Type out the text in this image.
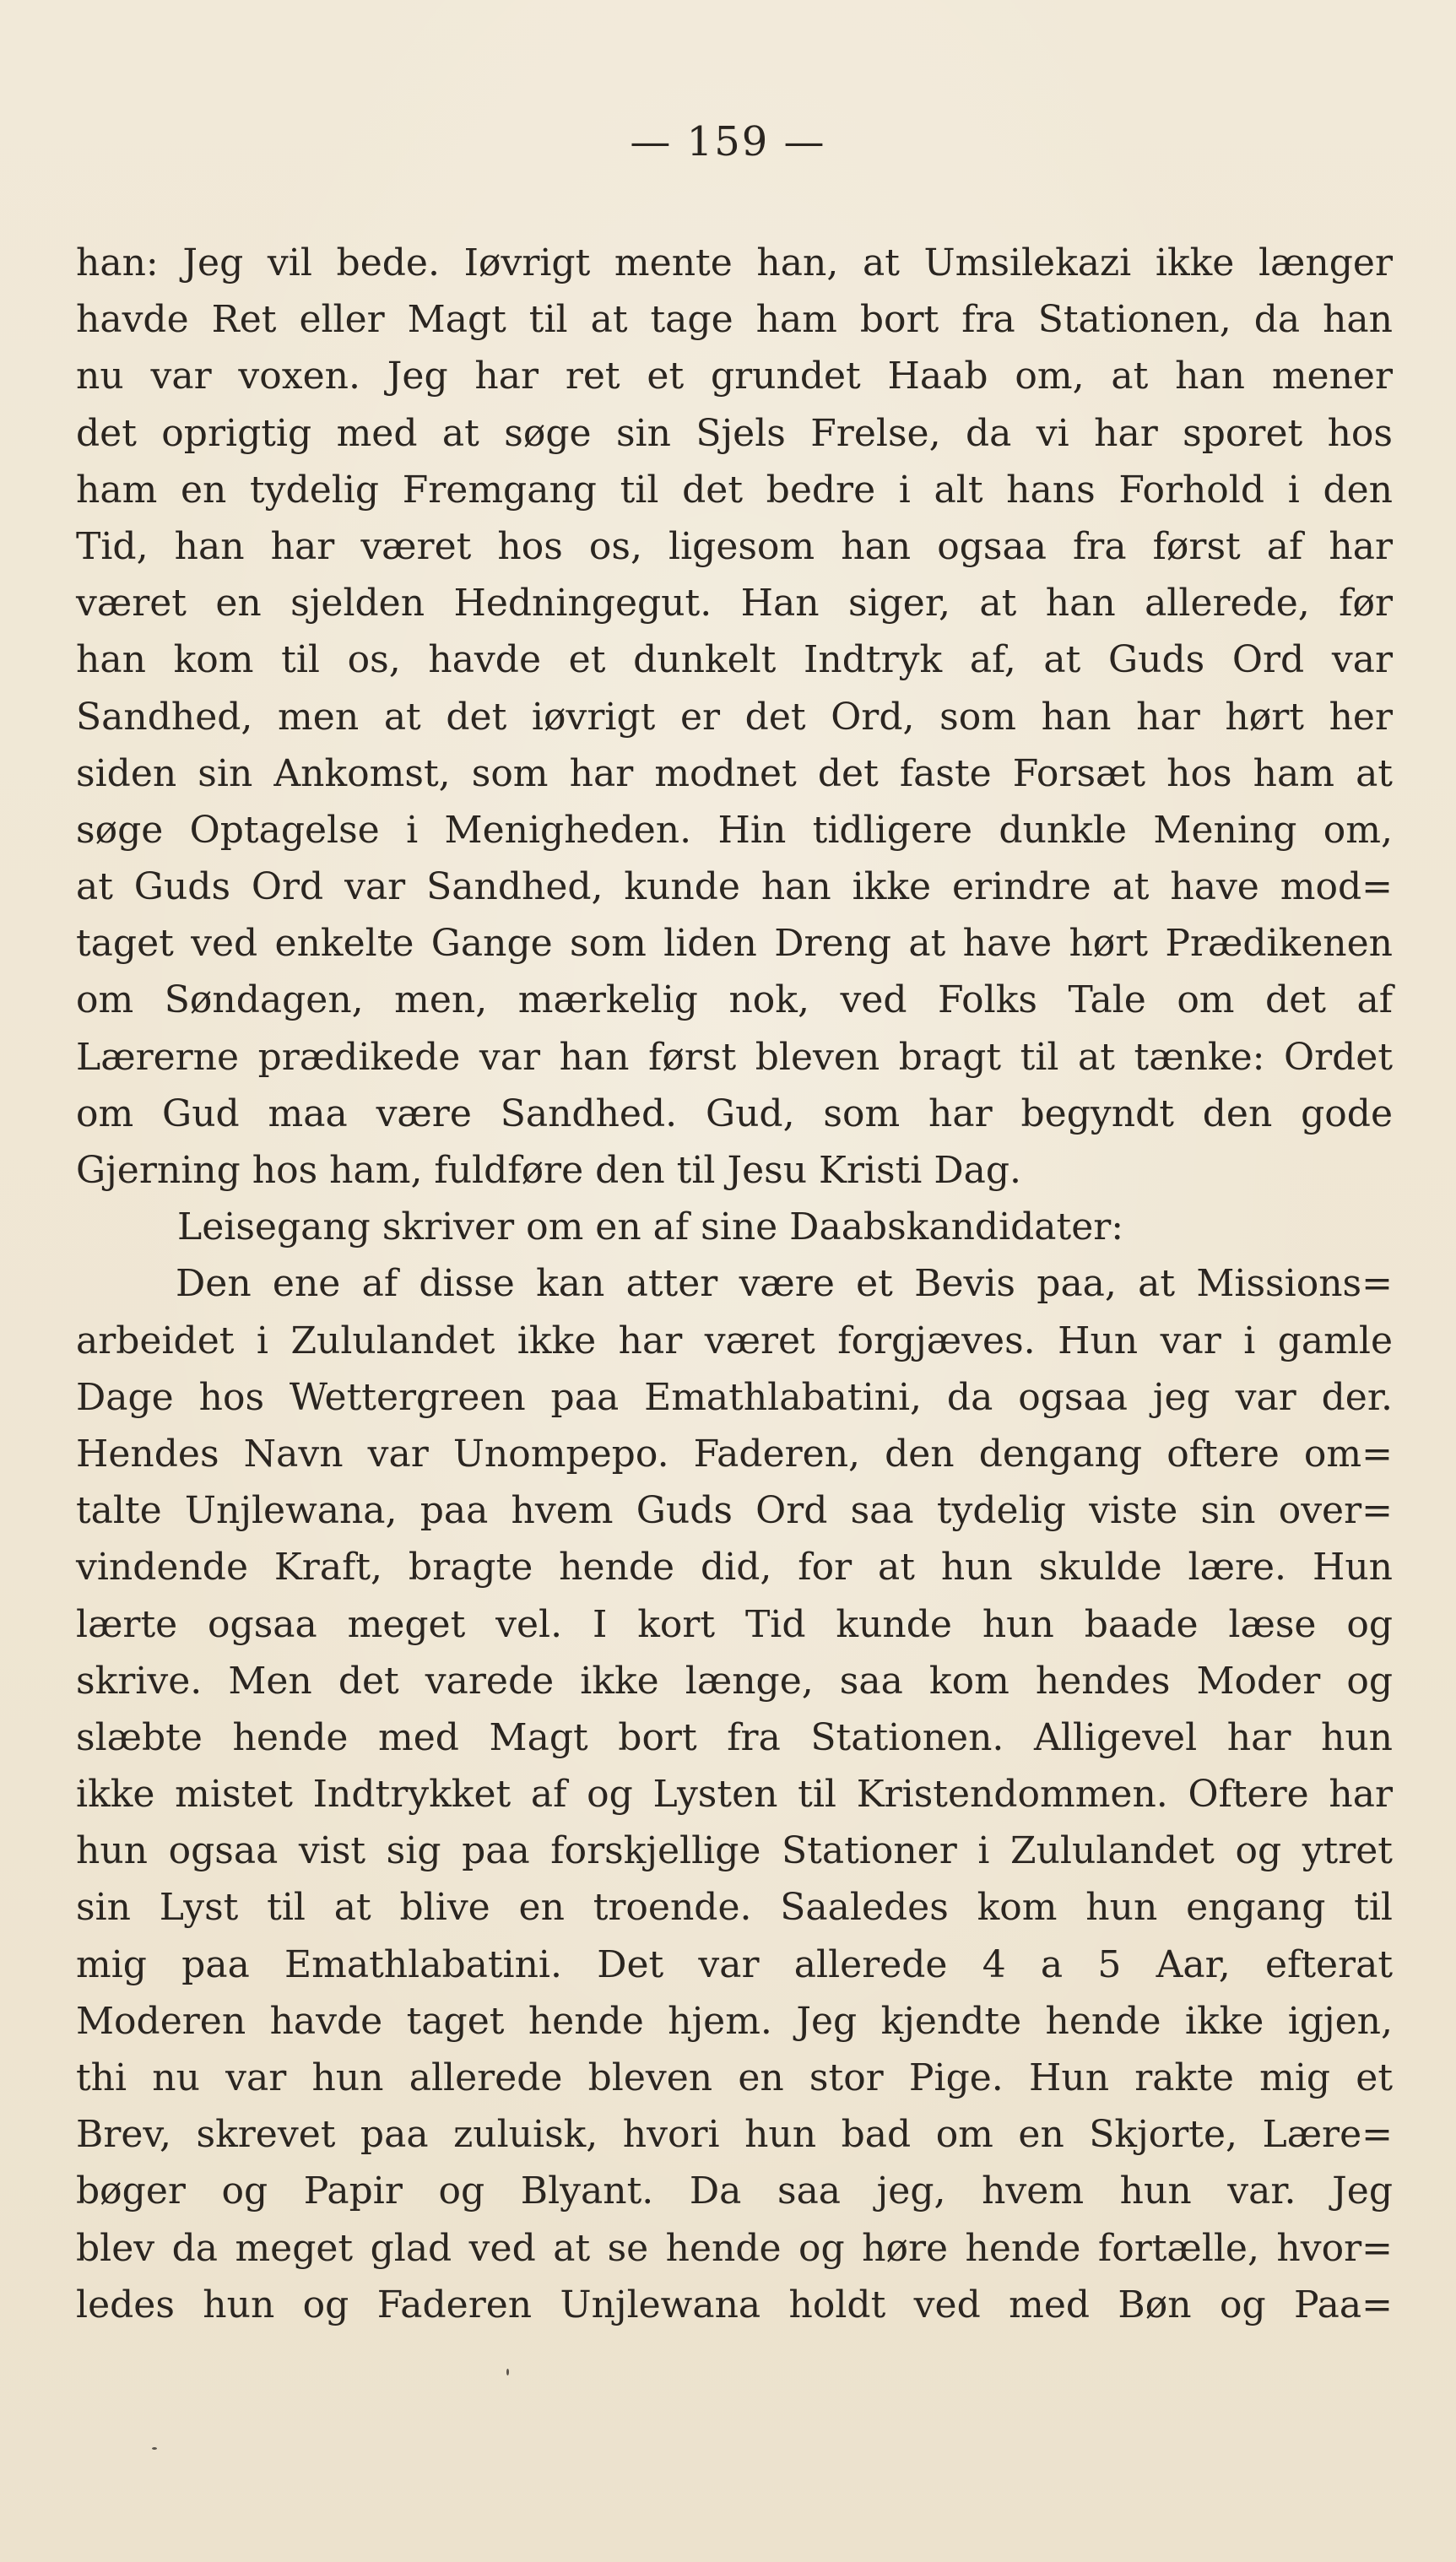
— 159 —
han: Jeg vil bede. Iøvrigt mente han, at Umsilekazi ikke længer
havde Ret eller Magt til at tage ham bort fra Stationen, da han
nu var voxen. Jeg har ret et grundet Haab om, at han mener
det oprigtig med at søge sin Sjels Frelse, da vi har sporet hos
ham en tydelig Fremgang til det bedre i alt hans Forhold i den
Tid, han har været hos os, ligesom han ogsaa fra først af har
været en sjelden Hedningegut. Han siger, at han allerede, før
han kom til os, havde et dunkelt Indtryk af, at Guds Ord var
Sandhed, men at det iøvrigt er det Ord, som han har hørt her
siden sin Ankomst, som har modnet det faste Forsæt hos ham at
søge Optagelse i Menigheden. Hin tidligere dunkle Mening om,
at Guds Ord var Sandhed, kunde han ikke erindre at have mod=
taget ved enkelte Gange som liden Dreng at have hørt Prædikenen
om Søndagen, men, mærkelig nok, ved Folks Tale om det af
Lærerne prædikede var han først bleven bragt til at tænke: Ordet
om Gud maa være Sandhed. Gud, som har begyndt den gode
Gjerning hos ham, fuldføre den til Jesu Kristi Dag.
Leisegang skriver om en af sine Daabskandidater:
Den ene af disse kan atter være et Bevis paa, at Missions=
arbeidet i Zululandet ikke har været forgjæves. Hun var i gamle
Dage hos Wettergreen paa Emathlabatini, da ogsaa jeg var der.
Hendes Navn var Unompepo. Faderen, den dengang oftere om=
talte Unjlewana, paa hvem Guds Ord saa tydelig viste sin over=
vindende Kraft, bragte hende did, for at hun skulde lære. Hun
lærte ogsaa meget vel. I kort Tid kunde hun baade læse og
skrive. Men det varede ikke længe, saa kom hendes Moder og
slæbte hende med Magt bort fra Stationen. Alligevel har hun
ikke mistet Indtrykket af og Lysten til Kristendommen. Oftere har
hun ogsaa vist sig paa forskjellige Stationer i Zululandet og ytret
sin Lyst til at blive en troende. Saaledes kom hun engang til
mig paa Emathlabatini. Det var allerede 4 a 5 Aar, efterat
Moderen havde taget hende hjem. Jeg kjendte hende ikke igjen,
thi nu var hun allerede bleven en stor Pige. Hun rakte mig et
Brev, skrevet paa zuluisk, hvori hun bad om en Skjorte, Lære=
bøger og Papir og Blyant. Da saa jeg, hvem hun var. Jeg
blev da meget glad ved at se hende og høre hende fortælle, hvor=
ledes hun og Faderen Unjlewana holdt ved med Bøn og Paa=
